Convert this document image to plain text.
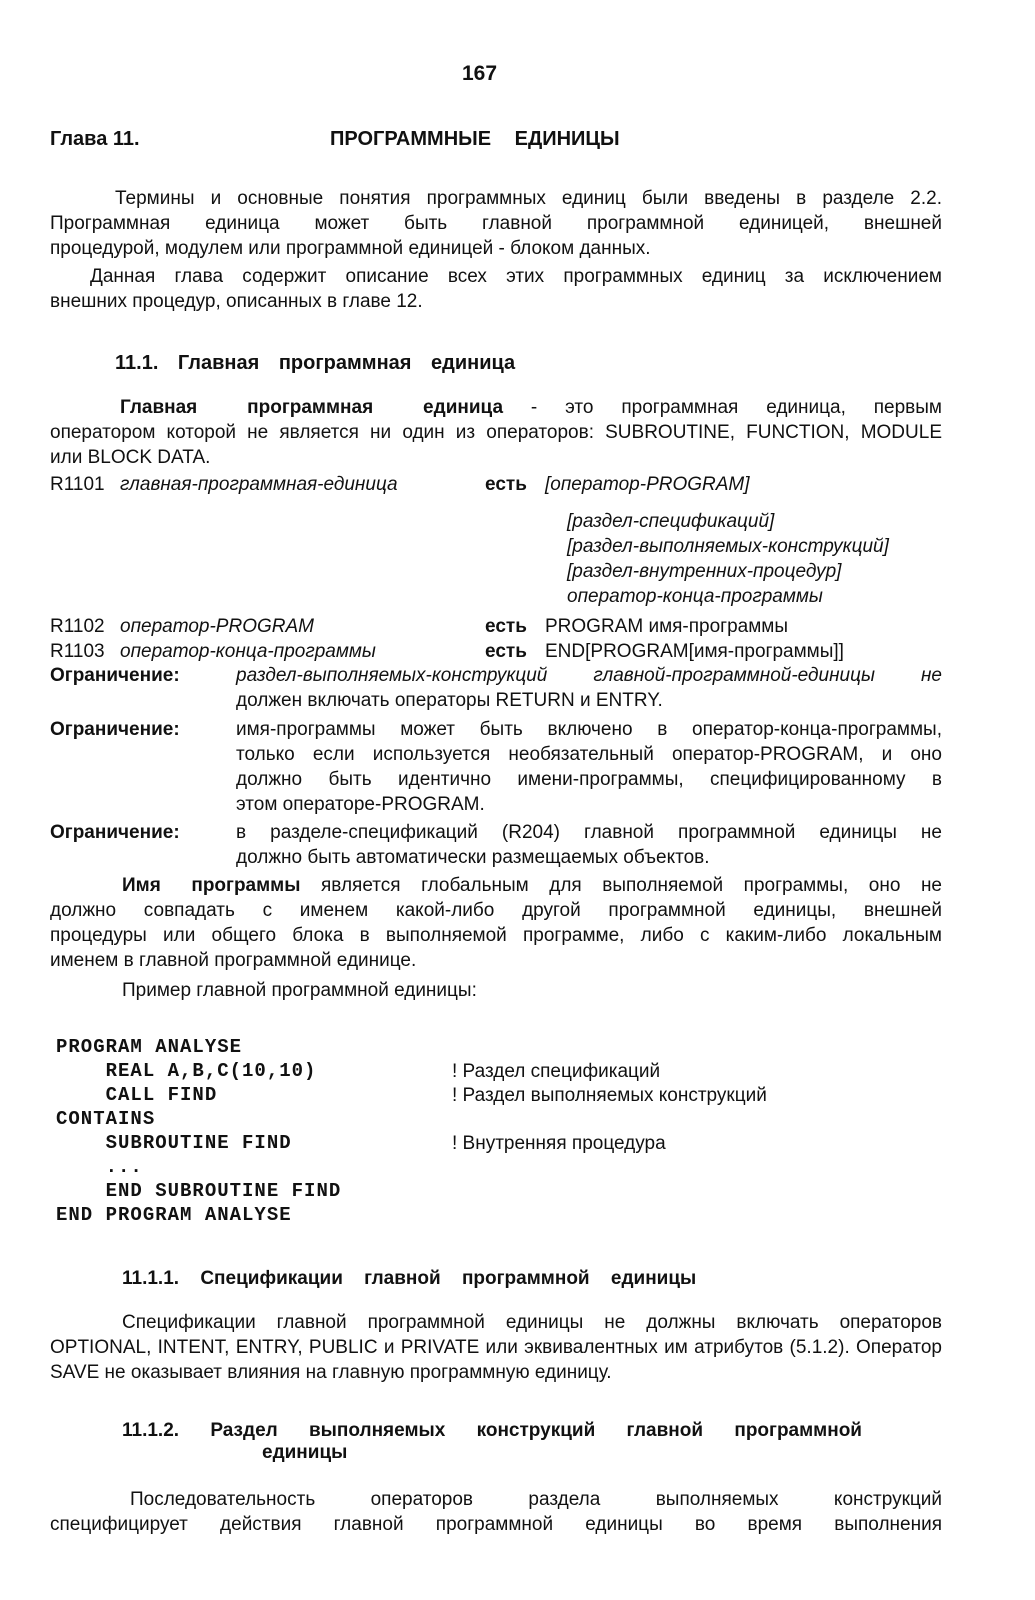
167
Глава 11.	ПРОГРАММНЫЕ ЕДИНИЦЫ
Термины и основные понятия программных единиц были введены в разделе 2.2.
Программная единица может быть главной программной единицей, внешней
процедурой, модулем или программной единицей - блоком данных.
Данная глава содержит описание всех этих программных единиц за исключением
внешних процедур, описанных в главе 12.
11.1. Главная программная единица
Главная программная единица - это программная единица, первым
оператором которой не является ни один из операторов: SUBROUTINE, FUNCTION, MODULE
или BLOCK DATA.
R1101 главная-программная-единица	есть [оператор-PROGRAM]
[раздел-спецификаций]
[раздел-выполняемых-конструкций]
[раздел-внутренних-процедур]
оператор-конца-программы
R1102 оператор-PROGRAM	есть PROGRAM имя-программы
R1103 оператор-конца-программы	есть END[PROGRAM[имя-программы]]
Ограничение:	раздел-выполняемых-конструкций главной-программной-единицы не
должен включать операторы RETURN и ENTRY.
Ограничение:	имя-программы может быть включено в оператор-конца-программы,
только если используется необязательный оператор-PROGRAM, и оно
должно быть идентично имени-программы, специфицированному в
этом операторе-PROGRAM.
Ограничение:	в разделе-спецификаций (R204) главной программной единицы не
должно быть автоматически размещаемых объектов.
Имя программы является глобальным для выполняемой программы, оно не
должно совпадать с именем какой-либо другой программной единицы, внешней
процедуры или общего блока в выполняемой программе, либо с каким-либо локальным
именем в главной программной единице.
Пример главной программной единицы:
PROGRAM ANALYSE
REAL A,B,C(10,10)	! Раздел спецификаций
CALL FIND	! Раздел выполняемых конструкций
CONTAINS
SUBROUTINE FIND	! Внутренняя процедура
...
END SUBROUTINE FIND
END PROGRAM ANALYSE
11.1.1. Спецификации главной программной единицы
Спецификации главной программной единицы не должны включать операторов
OPTIONAL, INTENT, ENTRY, PUBLIC и PRIVATE или эквивалентных им атрибутов (5.1.2). Оператор
SAVE не оказывает влияния на главную программную единицу.
11.1.2. Раздел выполняемых конструкций главной программной
единицы
Последовательность операторов раздела выполняемых конструкций
специфицирует действия главной программной единицы во время выполнения
